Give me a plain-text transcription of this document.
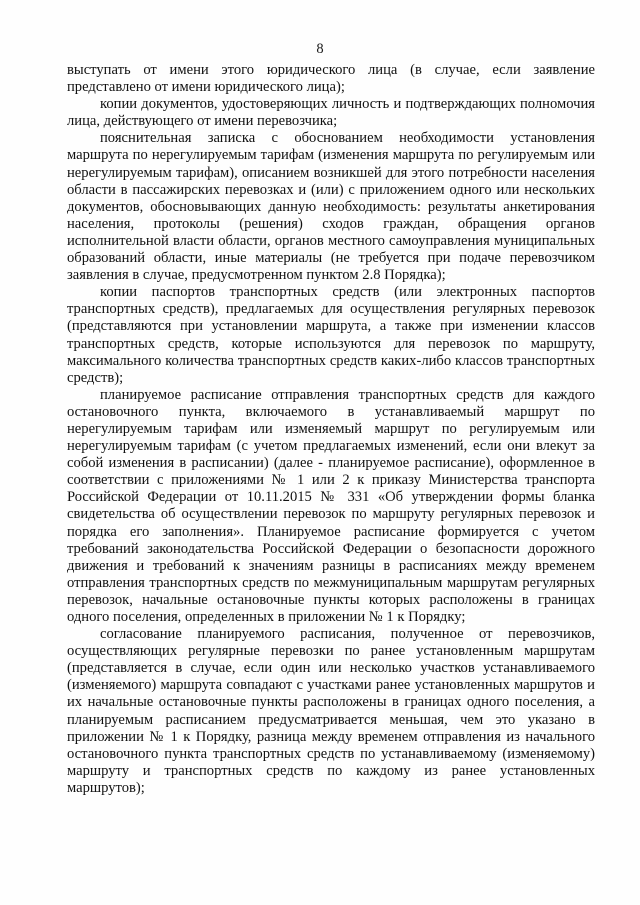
8

выступать от имени этого юридического лица (в случае, если заявление представлено от имени юридического лица);

копии документов, удостоверяющих личность и подтверждающих полномочия лица, действующего от имени перевозчика;

пояснительная записка с обоснованием необходимости установления маршрута по нерегулируемым тарифам (изменения маршрута по регулируемым или нерегулируемым тарифам), описанием возникшей для этого потребности населения области в пассажирских перевозках и (или) с приложением одного или нескольких документов, обосновывающих данную необходимость: результаты анкетирования населения, протоколы (решения) сходов граждан, обращения органов исполнительной власти области, органов местного самоуправления муниципальных образований области, иные материалы (не требуется при подаче перевозчиком заявления в случае, предусмотренном пунктом 2.8 Порядка);

копии паспортов транспортных средств (или электронных паспортов транспортных средств), предлагаемых для осуществления регулярных перевозок (представляются при установлении маршрута, а также при изменении классов транспортных средств, которые используются для перевозок по маршруту, максимального количества транспортных средств каких-либо классов транспортных средств);

планируемое расписание отправления транспортных средств для каждого остановочного пункта, включаемого в устанавливаемый маршрут по нерегулируемым тарифам или изменяемый маршрут по регулируемым или нерегулируемым тарифам (с учетом предлагаемых изменений, если они влекут за собой изменения в расписании) (далее - планируемое расписание), оформленное в соответствии с приложениями № 1 или 2 к приказу Министерства транспорта Российской Федерации от 10.11.2015 № 331 «Об утверждении формы бланка свидетельства об осуществлении перевозок по маршруту регулярных перевозок и порядка его заполнения». Планируемое расписание формируется с учетом требований законодательства Российской Федерации о безопасности дорожного движения и требований к значениям разницы в расписаниях между временем отправления транспортных средств по межмуниципальным маршрутам регулярных перевозок, начальные остановочные пункты которых расположены в границах одного поселения, определенных в приложении № 1 к Порядку;

согласование планируемого расписания, полученное от перевозчиков, осуществляющих регулярные перевозки по ранее установленным маршрутам (представляется в случае, если один или несколько участков устанавливаемого (изменяемого) маршрута совпадают с участками ранее установленных маршрутов и их начальные остановочные пункты расположены в границах одного поселения, а планируемым расписанием предусматривается меньшая, чем это указано в приложении № 1 к Порядку, разница между временем отправления из начального остановочного пункта транспортных средств по устанавливаемому (изменяемому) маршруту и транспортных средств по каждому из ранее установленных маршрутов);
